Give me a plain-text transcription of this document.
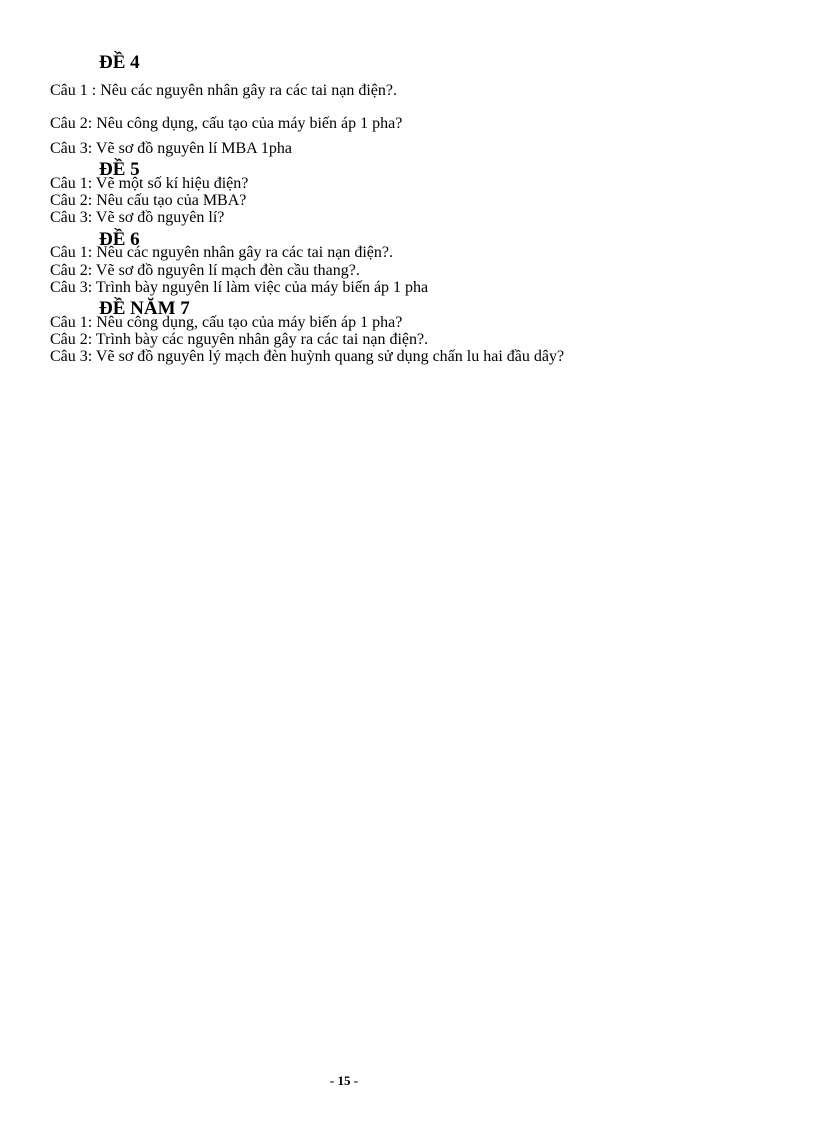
ĐỀ 4
Câu 1 : Nêu các nguyên nhân gây ra các tai nạn điện?.
Câu 2: Nêu công dụng, cấu tạo của máy biến áp 1 pha?
Câu 3: Vẽ sơ đồ nguyên lí MBA 1pha
ĐỀ 5
Câu 1: Vẽ một số kí hiệu điện?
Câu 2: Nêu cấu tạo của MBA?
Câu 3: Vẽ sơ đồ nguyên lí?
ĐỀ 6
Câu 1: Nêu các nguyên nhân gây ra các tai nạn điện?.
Câu 2: Vẽ sơ đồ nguyên lí mạch đèn cầu thang?.
Câu 3: Trình bày nguyên lí làm việc của máy biến áp 1 pha
ĐỀ NĂM 7
Câu 1: Nêu công dụng, cấu tạo của máy biến áp 1 pha?
Câu 2: Trình bày các nguyên nhân gây ra các tai nạn điện?.
Câu 3: Vẽ sơ đồ nguyên lý mạch đèn huỳnh quang sử dụng chấn lu hai đầu dây?
- 15 -
